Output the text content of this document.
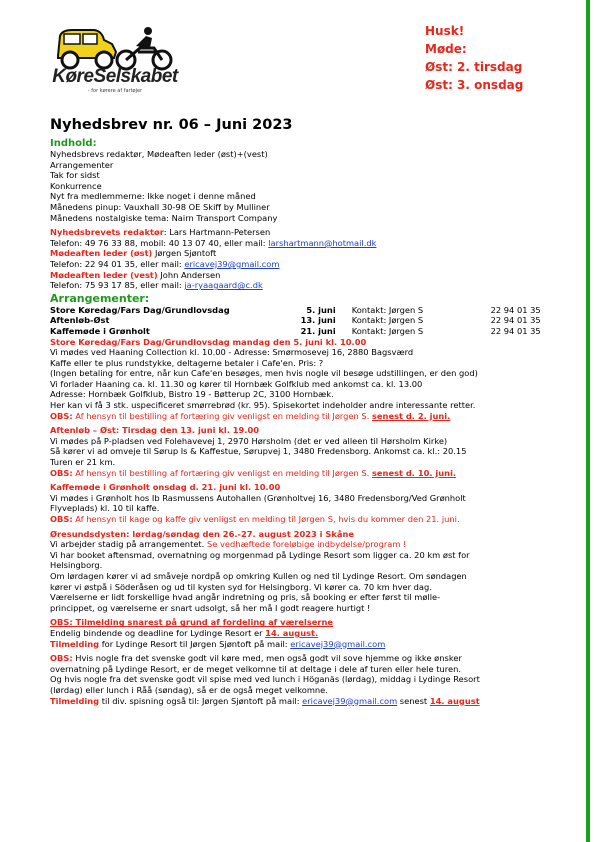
KøreSelskabet
- for kørere af fartøjer
Husk!
Møde:
Øst: 2. tirsdag
Øst: 3. onsdag
Nyhedsbrev nr. 06 – Juni 2023
Indhold:
Nyhedsbrevs redaktør, Mødeaften leder (øst)+(vest)
Arrangementer
Tak for sidst
Konkurrence
Nyt fra medlemmerne: Ikke noget i denne måned
Månedens pinup: Vauxhall 30-98 OE Skiff by Mulliner
Månedens nostalgiske tema: Nairn Transport Company
Nyhedsbrevets redaktør: Lars Hartmann-Petersen
Telefon: 49 76 33 88, mobil: 40 13 07 40, eller mail: larshartmann@hotmail.dk
Mødeaften leder (øst) Jørgen Sjøntoft
Telefon: 22 94 01 35, eller mail: ericavej39@gmail.com
Mødeaften leder (vest) John Andersen
Telefon: 75 93 17 85, eller mail: ja-ryaagaard@c.dk
Arrangementer:
Store Køredag/Fars Dag/Grundlovsdag	5. juni	Kontakt: Jørgen S	22 94 01 35
Aftenløb-Øst	13. juni	Kontakt: Jørgen S	22 94 01 35
Kaffemøde i Grønholt	21. juni	Kontakt: Jørgen S	22 94 01 35
Store Køredag/Fars Dag/Grundlovsdag mandag den 5. juni kl. 10.00
Vi mødes ved Haaning Collection kl. 10.00 - Adresse: Smørmosevej 16, 2880 Bagsværd
Kaffe eller te plus rundstykke, deltagerne betaler i Cafe'en. Pris: ?
(Ingen betaling for entre, når kun Cafe'en besøges, men hvis nogle vil besøge udstillingen, er den god)
Vi forlader Haaning ca. kl. 11.30 og kører til Hornbæk Golfklub med ankomst ca. kl. 13.00
Adresse: Hornbæk Golfklub, Bistro 19 - Bøtterup 2C, 3100 Hornbæk.
Her kan vi få 3 stk. uspecificeret smørrebrød (kr. 95). Spisekortet indeholder andre interessante retter.
OBS: Af hensyn til bestilling af fortæring giv venligst en melding til Jørgen S. senest d. 2. juni.
Aftenløb – Øst: Tirsdag den 13. juni kl. 19.00
Vi mødes på P-pladsen ved Folehavevej 1, 2970 Hørsholm (det er ved alleen til Hørsholm Kirke)
Så kører vi ad omveje til Sørup Is & Kaffestue, Sørupvej 1, 3480 Fredensborg. Ankomst ca. kl.: 20.15
Turen er 21 km.
OBS: Af hensyn til bestilling af fortæring giv venligst en melding til Jørgen S. senest d. 10. juni.
Kaffemøde i Grønholt onsdag d. 21. juni kl. 10.00
Vi mødes i Grønholt hos Ib Rasmussens Autohallen (Grønholtvej 16, 3480 Fredensborg/Ved Grønholt
Flyveplads) kl. 10 til kaffe.
OBS: Af hensyn til kage og kaffe giv venligst en melding til Jørgen S, hvis du kommer den 21. juni.
Øresundsdysten: lørdag/søndag den 26.-27. august 2023 i Skåne
Vi arbejder stadig på arrangementet. Se vedhæftede foreløbige indbydelse/program !
Vi har booket aftensmad, overnatning og morgenmad på Lydinge Resort som ligger ca. 20 km øst for
Helsingborg.
Om lørdagen kører vi ad småveje nordpå op omkring Kullen og ned til Lydinge Resort. Om søndagen
kører vi østpå i Söderåsen og ud til kysten syd for Helsingborg. Vi kører ca. 70 km hver dag.
Værelserne er lidt forskellige hvad angår indretning og pris, så booking er efter først til mølle-
princippet, og værelserne er snart udsolgt, så her må I godt reagere hurtigt !
OBS: Tilmelding snarest på grund af fordeling af værelserne
Endelig bindende og deadline for Lydinge Resort er 14. august.
Tilmelding for Lydinge Resort til Jørgen Sjøntoft på mail: ericavej39@gmail.com
OBS: Hvis nogle fra det svenske godt vil køre med, men også godt vil sove hjemme og ikke ønsker
overnatning på Lydinge Resort, er de meget velkomne til at deltage i dele af turen eller hele turen.
Og hvis nogle fra det svenske godt vil spise med ved lunch i Höganäs (lørdag), middag i Lydinge Resort
(lørdag) eller lunch i Råå (søndag), så er de også meget velkomne.
Tilmelding til div. spisning også til: Jørgen Sjøntoft på mail: ericavej39@gmail.com senest 14. august
